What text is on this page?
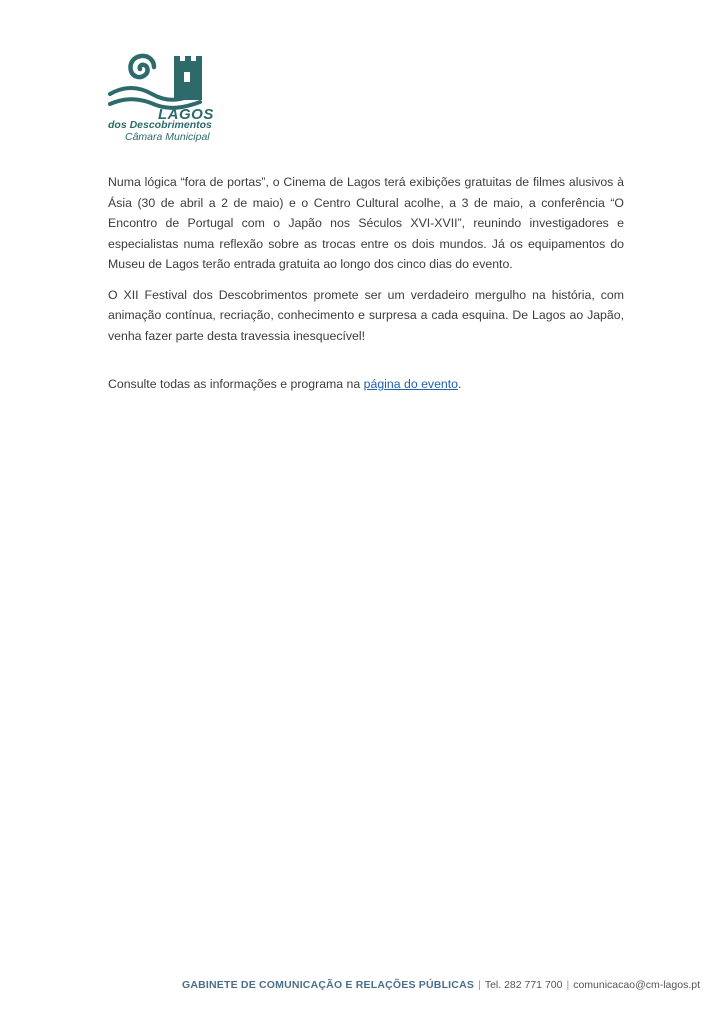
LAGOS
dos Descobrimentos
Câmara Municipal

Numa lógica “fora de portas”, o Cinema de Lagos terá exibições gratuitas de filmes alusivos à Ásia (30 de abril a 2 de maio) e o Centro Cultural acolhe, a 3 de maio, a conferência “O Encontro de Portugal com o Japão nos Séculos XVI-XVII”, reunindo investigadores e especialistas numa reflexão sobre as trocas entre os dois mundos. Já os equipamentos do Museu de Lagos terão entrada gratuita ao longo dos cinco dias do evento.

O XII Festival dos Descobrimentos promete ser um verdadeiro mergulho na história, com animação contínua, recriação, conhecimento e surpresa a cada esquina. De Lagos ao Japão, venha fazer parte desta travessia inesquecível!

Consulte todas as informações e programa na página do evento.

GABINETE DE COMUNICAÇÃO E RELAÇÕES PÚBLICAS | Tel. 282 771 700 | comunicacao@cm-lagos.pt
